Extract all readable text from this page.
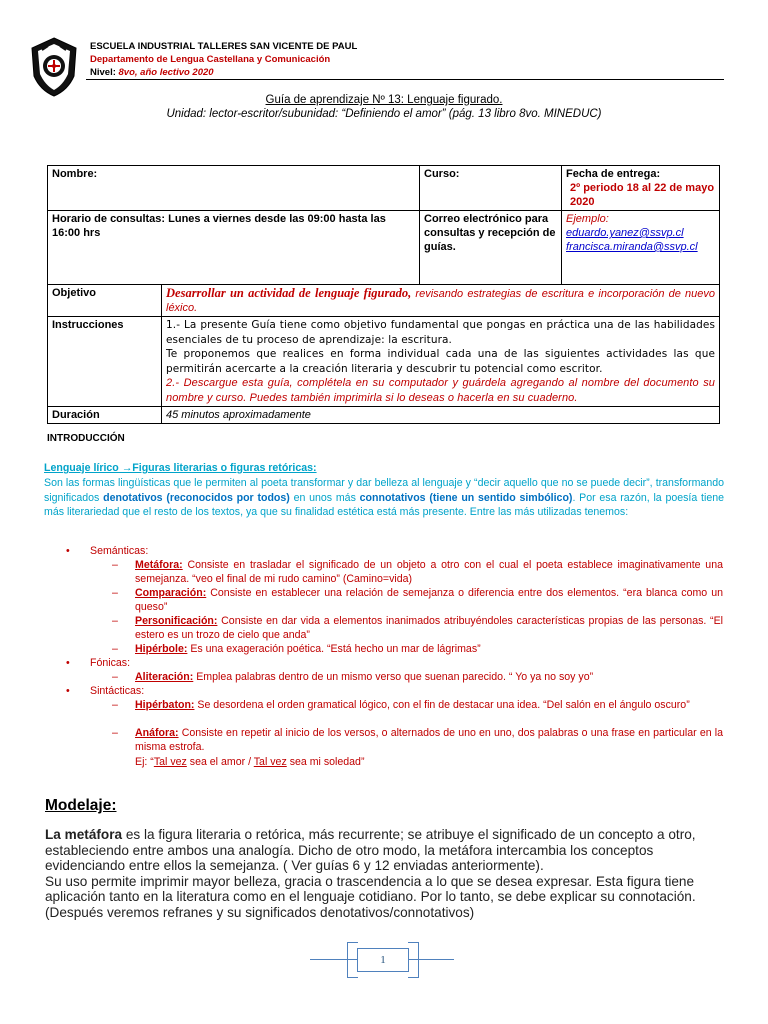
ESCUELA INDUSTRIAL TALLERES SAN VICENTE DE PAUL
Departamento de Lengua Castellana y Comunicación
Nivel: 8vo, año lectivo 2020
Guía de aprendizaje Nº 13: Lenguaje figurado.
Unidad: lector-escritor/subunidad: “Definiendo el amor” (pág. 13 libro 8vo. MINEDUC)
Nombre:		Curso:	Fecha de entrega:
2º periodo 18 al 22 de mayo 2020

Horario de consultas: Lunes a viernes desde las 09:00 hasta las 16:00 hrs		Correo electrónico para consultas y recepción de guías.	Ejemplo:
eduardo.yanez@ssvp.cl
francisca.miranda@ssvp.cl

Objetivo	Desarrollar un actividad de lenguaje figurado, revisando estrategias de escritura e incorporación de nuevo léxico.		
Instrucciones	1.- La presente Guía tiene como objetivo fundamental que pongas en práctica una de las habilidades esenciales de tu proceso de aprendizaje: la escritura.
Te proponemos que realices en forma individual cada una de las siguientes actividades las que permitirán acercarte a la creación literaria y descubrir tu potencial como escritor.
2.- Descargue esta guía, complétela en su computador y guárdela agregando al nombre del documento su nombre y curso. Puedes también imprimirla si lo deseas o hacerla en su cuaderno.		

Duración	45 minutos aproximadamente		
INTRODUCCIÓN
Lenguaje lírico →Figuras literarias o figuras retóricas:
Son las formas lingüísticas que le permiten al poeta transformar y dar belleza al lenguaje y “decir aquello que no se puede decir”, transformando significados denotativos (reconocidos por todos) en unos más connotativos (tiene un sentido simbólico). Por esa razón, la poesía tiene más literariedad que el resto de los textos, ya que su finalidad estética está más presente. Entre las más utilizadas tenemos:
• Semánticas:
– Metáfora: Consiste en trasladar el significado de un objeto a otro con el cual el poeta establece imaginativamente una semejanza. “veo el final de mi rudo camino” (Camino=vida)
– Comparación: Consiste en establecer una relación de semejanza o diferencia entre dos elementos. “era blanca como un queso”
– Personificación: Consiste en dar vida a elementos inanimados atribuyéndoles características propias de las personas. “El estero es un trozo de cielo que anda”
– Hipérbole: Es una exageración poética. “Está hecho un mar de lágrimas”
• Fónicas:
– Aliteración: Emplea palabras dentro de un mismo verso que suenan parecido. “ Yo ya no soy yo”
• Sintácticas:
– Hipérbaton: Se desordena el orden gramatical lógico, con el fin de destacar una idea. “Del salón en el ángulo oscuro”
– Anáfora: Consiste en repetir al inicio de los versos, o alternados de uno en uno, dos palabras o una frase en particular en la misma estrofa.
Ej: “Tal vez sea el amor / Tal vez sea mi soledad”
Modelaje:
La metáfora es la figura literaria o retórica, más recurrente; se atribuye el significado de un concepto a otro, estableciendo entre ambos una analogía. Dicho de otro modo, la metáfora intercambia los conceptos evidenciando entre ellos la semejanza. ( Ver guías 6 y 12 enviadas anteriormente).
Su uso permite imprimir mayor belleza, gracia o trascendencia a lo que se desea expresar. Esta figura tiene aplicación tanto en la literatura como en el lenguaje cotidiano. Por lo tanto, se debe explicar su connotación. (Después veremos refranes y su significados denotativos/connotativos)
1
